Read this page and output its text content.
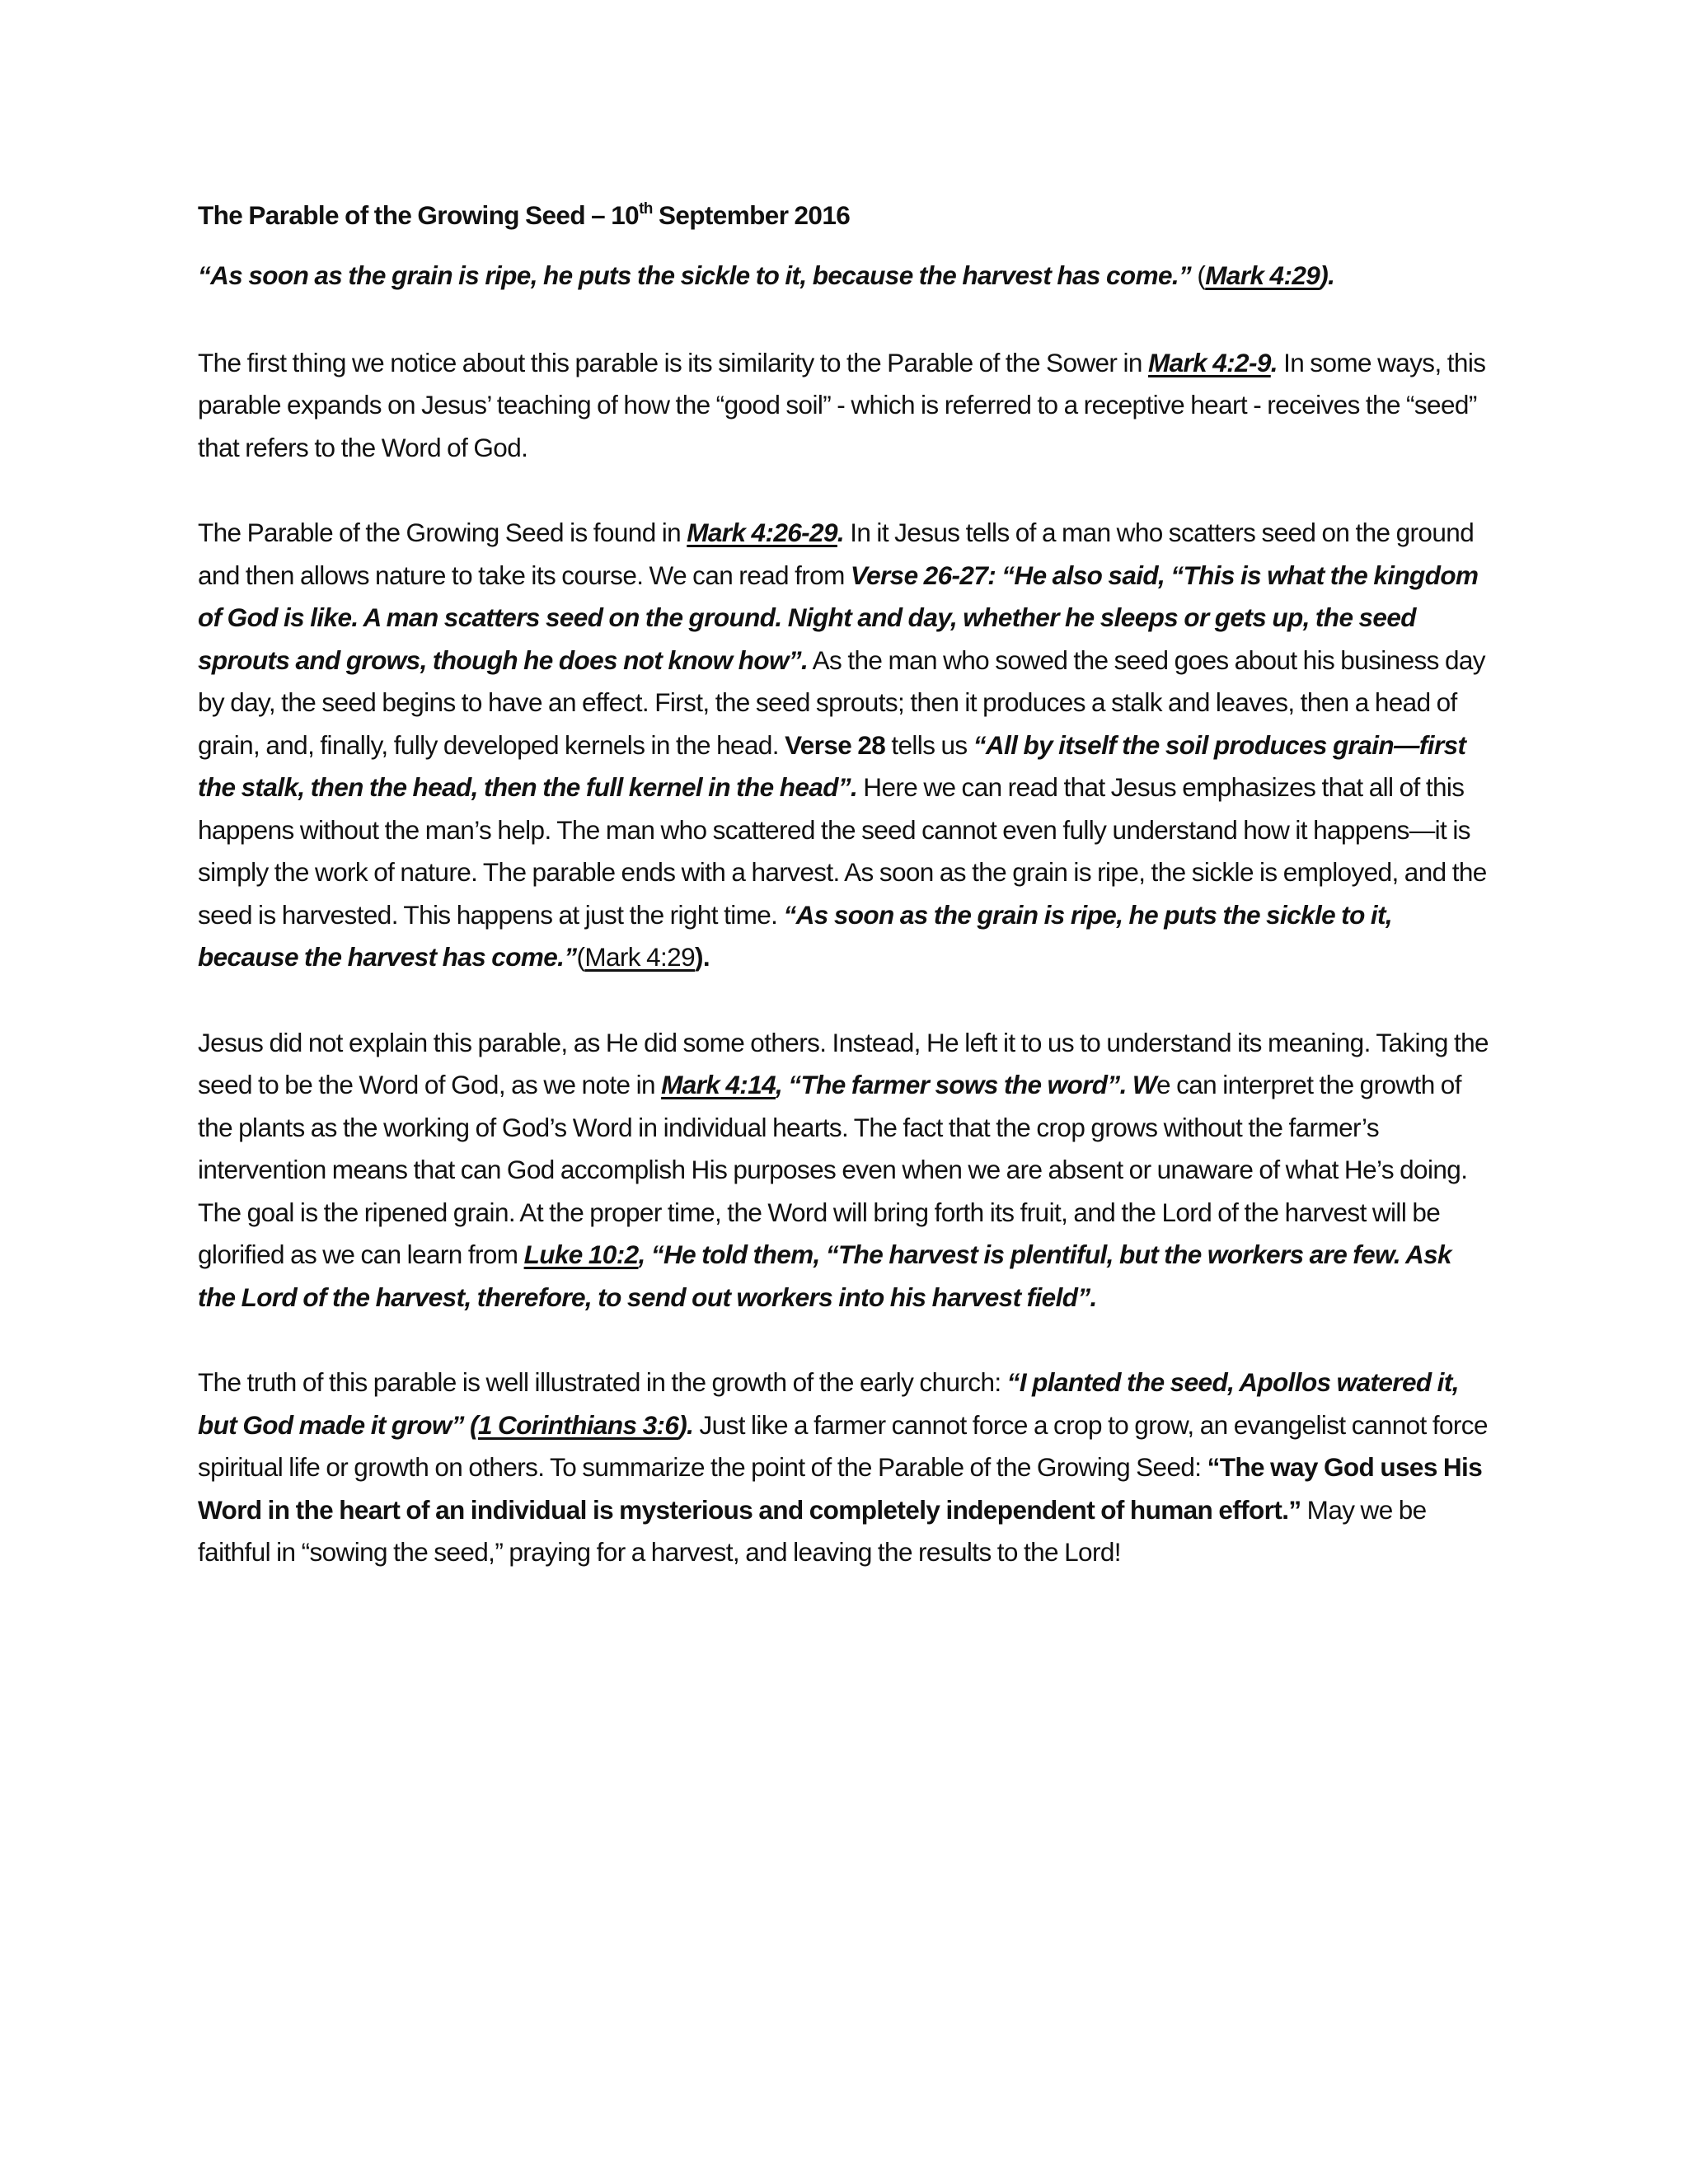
The Parable of the Growing Seed – 10th September 2016

“As soon as the grain is ripe, he puts the sickle to it, because the harvest has come.” (Mark 4:29).

The first thing we notice about this parable is its similarity to the Parable of the Sower in Mark 4:2-9. In some ways, this parable expands on Jesus’ teaching of how the “good soil” - which is referred to a receptive heart - receives the “seed” that refers to the Word of God.

The Parable of the Growing Seed is found in Mark 4:26-29. In it Jesus tells of a man who scatters seed on the ground and then allows nature to take its course. We can read from Verse 26-27: “He also said, “This is what the kingdom of God is like. A man scatters seed on the ground. Night and day, whether he sleeps or gets up, the seed sprouts and grows, though he does not know how”. As the man who sowed the seed goes about his business day by day, the seed begins to have an effect. First, the seed sprouts; then it produces a stalk and leaves, then a head of grain, and, finally, fully developed kernels in the head. Verse 28 tells us “All by itself the soil produces grain—first the stalk, then the head, then the full kernel in the head”. Here we can read that Jesus emphasizes that all of this happens without the man’s help. The man who scattered the seed cannot even fully understand how it happens—it is simply the work of nature. The parable ends with a harvest. As soon as the grain is ripe, the sickle is employed, and the seed is harvested. This happens at just the right time. “As soon as the grain is ripe, he puts the sickle to it, because the harvest has come.”(Mark 4:29).

Jesus did not explain this parable, as He did some others. Instead, He left it to us to understand its meaning. Taking the seed to be the Word of God, as we note in Mark 4:14, “The farmer sows the word”. We can interpret the growth of the plants as the working of God’s Word in individual hearts. The fact that the crop grows without the farmer’s intervention means that can God accomplish His purposes even when we are absent or unaware of what He’s doing. The goal is the ripened grain. At the proper time, the Word will bring forth its fruit, and the Lord of the harvest will be glorified as we can learn from Luke 10:2, “He told them, “The harvest is plentiful, but the workers are few. Ask the Lord of the harvest, therefore, to send out workers into his harvest field”.

The truth of this parable is well illustrated in the growth of the early church: “I planted the seed, Apollos watered it, but God made it grow” (1 Corinthians 3:6). Just like a farmer cannot force a crop to grow, an evangelist cannot force spiritual life or growth on others. To summarize the point of the Parable of the Growing Seed: “The way God uses His Word in the heart of an individual is mysterious and completely independent of human effort.” May we be faithful in “sowing the seed,” praying for a harvest, and leaving the results to the Lord!
